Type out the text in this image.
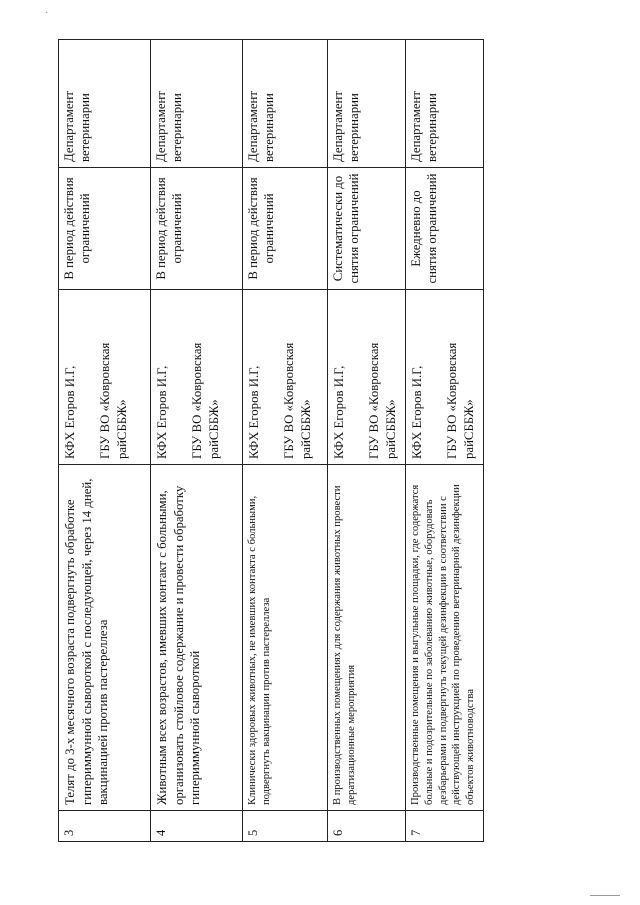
·
3	Телят до 3-х месячного возраста подвергнуть обработке гипериммунной сывороткой с последующей, через 14 дней, вакцинацией против пастереллеза	КФХ Егоров И.Г, ГБУ ВО «Ковровская райСББЖ»	В период действия ограничений	Департамент ветеринарии
4	Животным всех возрастов, имевших контакт с больными, организовать стойловое содержание и провести обработку гипериммунной сывороткой	КФХ Егоров И.Г, ГБУ ВО «Ковровская райСББЖ»	В период действия ограничений	Департамент ветеринарии
5	Клинически здоровых животных, не имевших контакта с больными, подвергнуть вакцинации против пастереллеза	КФХ Егоров И.Г, ГБУ ВО «Ковровская райСББЖ»	В период действия ограничений	Департамент ветеринарии
6	В производственных помещениях для содержания животных провести дератизационные мероприятия	КФХ Егоров И.Г, ГБУ ВО «Ковровская райСББЖ»	Систематически до снятия ограничений	Департамент ветеринарии
7	Производственные помещения и выгульные площадки, где содержатся больные и подозрительные по заболеванию животные, оборудовать дезбарьерами и подвергнуть текущей дезинфекции в соответствии с действующей инструкцией по проведению ветеринарной дезинфекции объектов животноводства	КФХ Егоров И.Г, ГБУ ВО «Ковровская райСББЖ»	Ежедневно до снятия ограничений	Департамент ветеринарии
